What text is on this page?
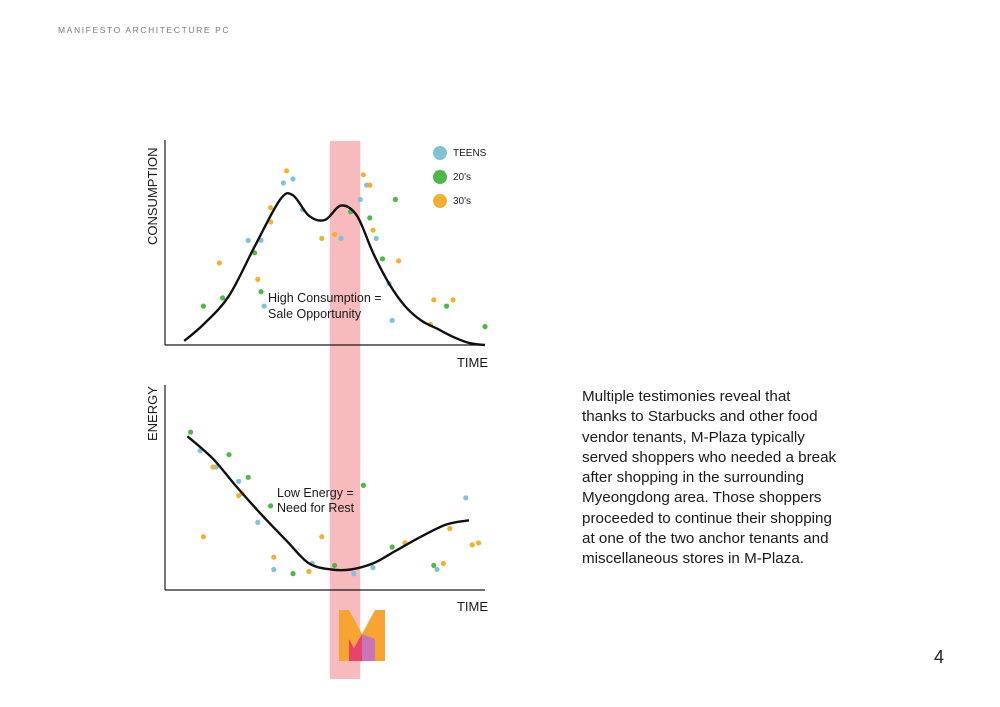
MANIFESTO ARCHITECTURE PC
CONSUMPTION
TIME
High Consumption =
Sale Opportunity
TEENS
20's
30's
ENERGY
TIME
Low Energy =
Need for Rest

Multiple testimonies reveal that
thanks to Starbucks and other food
vendor tenants, M-Plaza typically
served shoppers who needed a break
after shopping in the surrounding
Myeongdong area. Those shoppers
proceeded to continue their shopping
at one of the two anchor tenants and
miscellaneous stores in M-Plaza.

4
